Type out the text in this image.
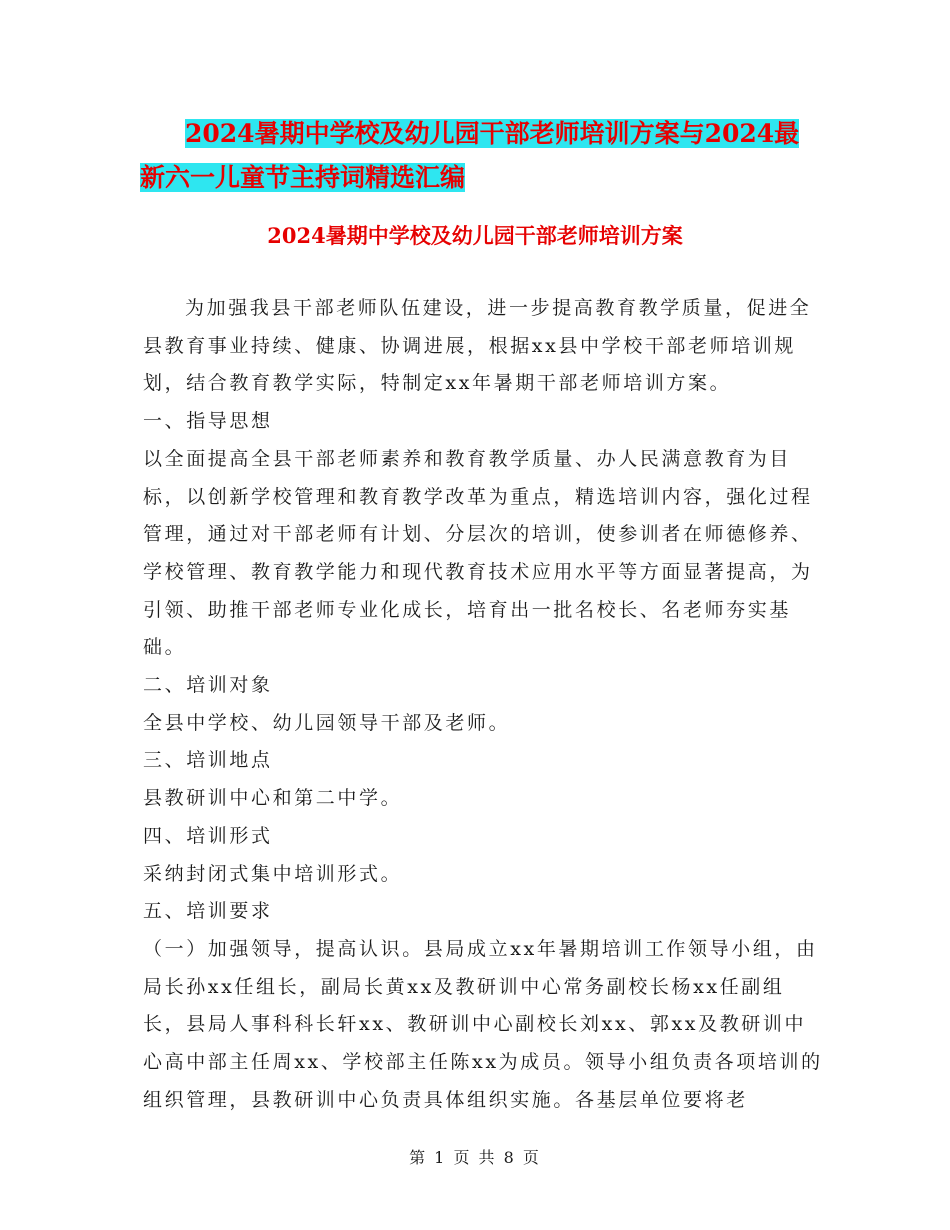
2024暑期中学校及幼儿园干部老师培训方案与2024最
新六一儿童节主持词精选汇编
2024暑期中学校及幼儿园干部老师培训方案

为加强我县干部老师队伍建设，进一步提高教育教学质量，促进全县教育事业持续、健康、协调进展，根据xx县中学校干部老师培训规划，结合教育教学实际，特制定xx年暑期干部老师培训方案。

一、指导思想

以全面提高全县干部老师素养和教育教学质量、办人民满意教育为目标，以创新学校管理和教育教学改革为重点，精选培训内容，强化过程管理，通过对干部老师有计划、分层次的培训，使参训者在师德修养、学校管理、教育教学能力和现代教育技术应用水平等方面显著提高，为引领、助推干部老师专业化成长，培育出一批名校长、名老师夯实基础。

二、培训对象

全县中学校、幼儿园领导干部及老师。

三、培训地点

县教研训中心和第二中学。

四、培训形式

采纳封闭式集中培训形式。

五、培训要求

（一）加强领导，提高认识。县局成立xx年暑期培训工作领导小组，由局长孙xx任组长，副局长黄xx及教研训中心常务副校长杨xx任副组长，县局人事科科长轩xx、教研训中心副校长刘xx、郭xx及教研训中心高中部主任周xx、学校部主任陈xx为成员。领导小组负责各项培训的组织管理，县教研训中心负责具体组织实施。各基层单位要将老

第 1 页 共 8 页
